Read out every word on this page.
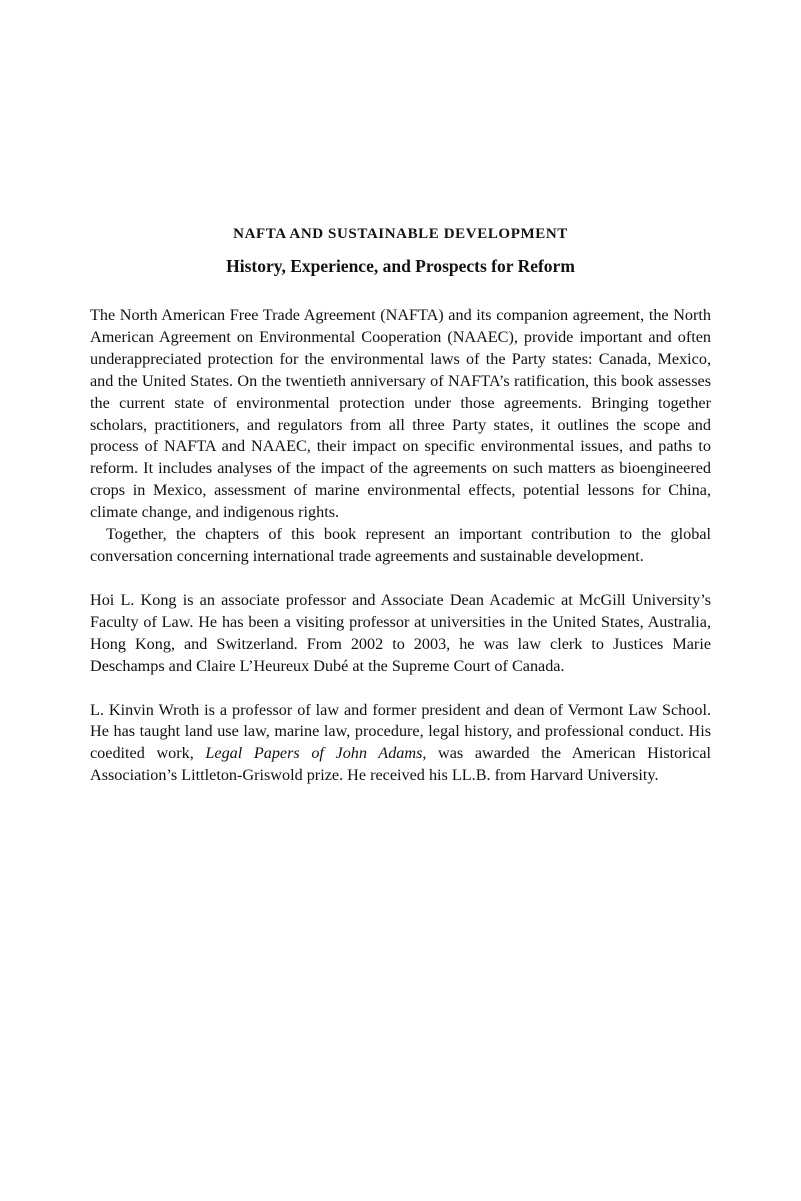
NAFTA AND SUSTAINABLE DEVELOPMENT
History, Experience, and Prospects for Reform

The North American Free Trade Agreement (NAFTA) and its companion agreement, the North American Agreement on Environmental Cooperation (NAAEC), provide important and often underappreciated protection for the environmental laws of the Party states: Canada, Mexico, and the United States. On the twentieth anniversary of NAFTA’s ratification, this book assesses the current state of environmental protection under those agreements. Bringing together scholars, practitioners, and regulators from all three Party states, it outlines the scope and process of NAFTA and NAAEC, their impact on specific environmental issues, and paths to reform. It includes analyses of the impact of the agreements on such matters as bioengineered crops in Mexico, assessment of marine environmental effects, potential lessons for China, climate change, and indigenous rights.

Together, the chapters of this book represent an important contribution to the global conversation concerning international trade agreements and sustainable development.

Hoi L. Kong is an associate professor and Associate Dean Academic at McGill University’s Faculty of Law. He has been a visiting professor at universities in the United States, Australia, Hong Kong, and Switzerland. From 2002 to 2003, he was law clerk to Justices Marie Deschamps and Claire L’Heureux Dubé at the Supreme Court of Canada.

L. Kinvin Wroth is a professor of law and former president and dean of Vermont Law School. He has taught land use law, marine law, procedure, legal history, and professional conduct. His coedited work, Legal Papers of John Adams, was awarded the American Historical Association’s Littleton-Griswold prize. He received his LL.B. from Harvard University.
